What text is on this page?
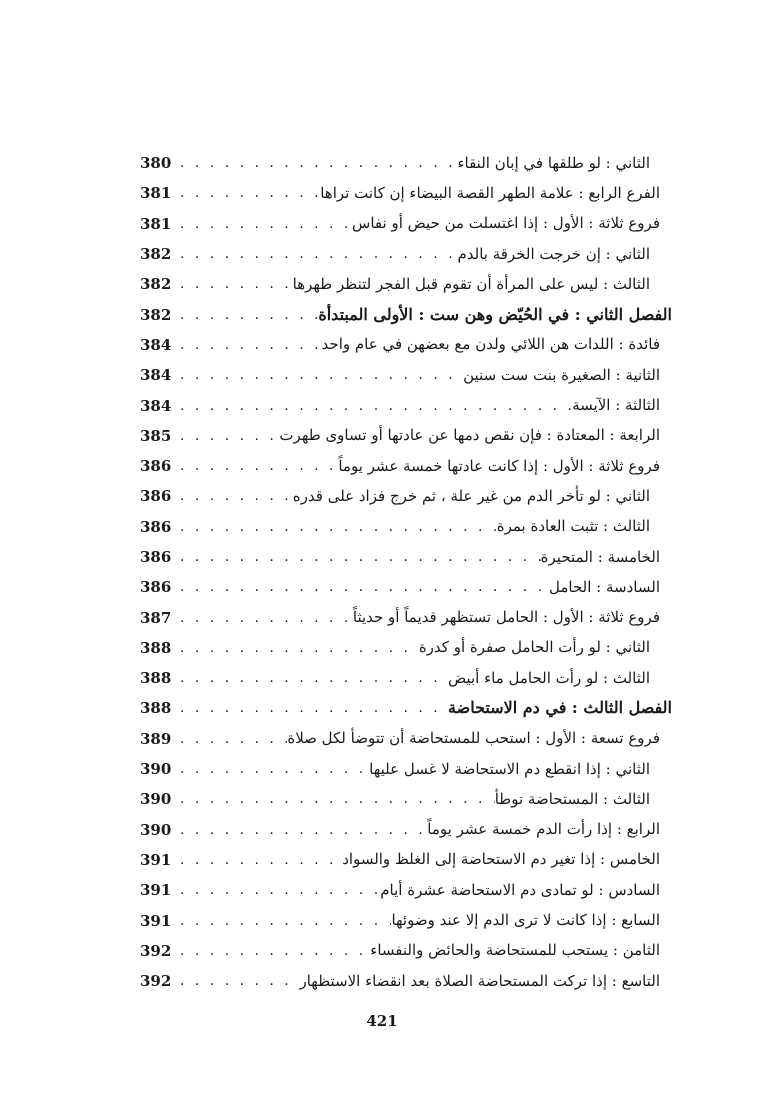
380 . . .	الثاني : لو طلقها في إبان النقاء
381 . . .	الفرع الرابع : علامة الطهر القصة البيضاء إن كانت تراها
381 . . .	فروع ثلاثة : الأول : إذا اغتسلت من حيض أو نفاس
382 . . .	الثاني : إن خرجت الخرقة بالدم
382 . . .	الثالث : ليس على المرأة أن تقوم قبل الفجر لتنظر طهرها
382 . . .	الفصل الثاني : في الحُيّض وهن ست : الأولى المبتدأة
384 . . .	فائدة : اللدات هن اللائي ولدن مع بعضهن في عام واحد
384 . . .	الثانية : الصغيرة بنت ست سنين
384 . . .	الثالثة : الآيسة
385 . . .	الرابعة : المعتادة : فإن نقص دمها عن عادتها أو تساوى طهرت
386 . . .	فروع ثلاثة : الأول : إذا كانت عادتها خمسة عشر يوماً
386 . . .	الثاني : لو تأخر الدم من غير علة ، ثم خرج فزاد على قدره
386 . . .	الثالث : تثبت العادة بمرة
386 . . .	الخامسة : المتحيرة
386 . . .	السادسة : الحامل
387 . . .	فروع ثلاثة : الأول : الحامل تستظهر قديماً أو حديثاً
388 . . .	الثاني : لو رأت الحامل صفرة أو كدرة
388 . . .	الثالث : لو رأت الحامل ماء أبيض
388 . . .	الفصل الثالث : في دم الاستحاضة
389 . . .	فروع تسعة : الأول : استحب للمستحاضة أن تتوضأ لكل صلاة
390 . . .	الثاني : إذا انقطع دم الاستحاضة لا غسل عليها
390 . . .	الثالث : المستحاضة توطأ
390 . . .	الرابع : إذا رأت الدم خمسة عشر يوماً
391 . . .	الخامس : إذا تغير دم الاستحاضة إلى الغلظ والسواد
391 . . .	السادس : لو تمادى دم الاستحاضة عشرة أيام
391 . . .	السابع : إذا كانت لا ترى الدم إلا عند وضوئها
392 . . .	الثامن : يستحب للمستحاضة والحائض والنفساء
392 . . .	التاسع : إذا تركت المستحاضة الصلاة بعد انقضاء الاستظهار
421
